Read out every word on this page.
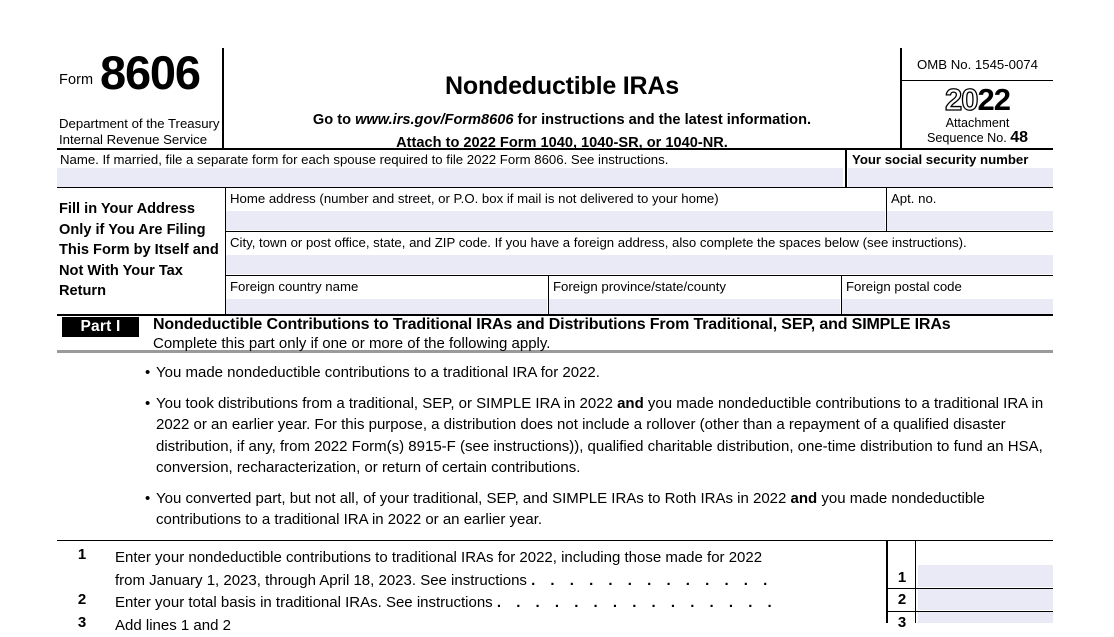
Form 8606
Department of the Treasury
Internal Revenue Service
Nondeductible IRAs
Go to www.irs.gov/Form8606 for instructions and the latest information.
Attach to 2022 Form 1040, 1040-SR, or 1040-NR.
OMB No. 1545-0074
2022
Attachment
Sequence No. 48
Name. If married, file a separate form for each spouse required to file 2022 Form 8606. See instructions.	Your social security number
Fill in Your Address Only if You Are Filing This Form by Itself and Not With Your Tax Return
Home address (number and street, or P.O. box if mail is not delivered to your home)	Apt. no.
City, town or post office, state, and ZIP code. If you have a foreign address, also complete the spaces below (see instructions).
Foreign country name	Foreign province/state/county	Foreign postal code
Part I	Nondeductible Contributions to Traditional IRAs and Distributions From Traditional, SEP, and SIMPLE IRAs
Complete this part only if one or more of the following apply.
• You made nondeductible contributions to a traditional IRA for 2022.
• You took distributions from a traditional, SEP, or SIMPLE IRA in 2022 and you made nondeductible contributions to a traditional IRA in 2022 or an earlier year. For this purpose, a distribution does not include a rollover (other than a repayment of a qualified disaster distribution, if any, from 2022 Form(s) 8915-F (see instructions)), qualified charitable distribution, one-time distribution to fund an HSA, conversion, recharacterization, or return of certain contributions.
• You converted part, but not all, of your traditional, SEP, and SIMPLE IRAs to Roth IRAs in 2022 and you made nondeductible contributions to a traditional IRA in 2022 or an earlier year.
1 Enter your nondeductible contributions to traditional IRAs for 2022, including those made for 2022
from January 1, 2023, through April 18, 2023. See instructions . . . . . . . . . . . . .	1
2 Enter your total basis in traditional IRAs. See instructions . . . . . . . . . . . . . . .	2
3 Add lines 1 and 2	3
